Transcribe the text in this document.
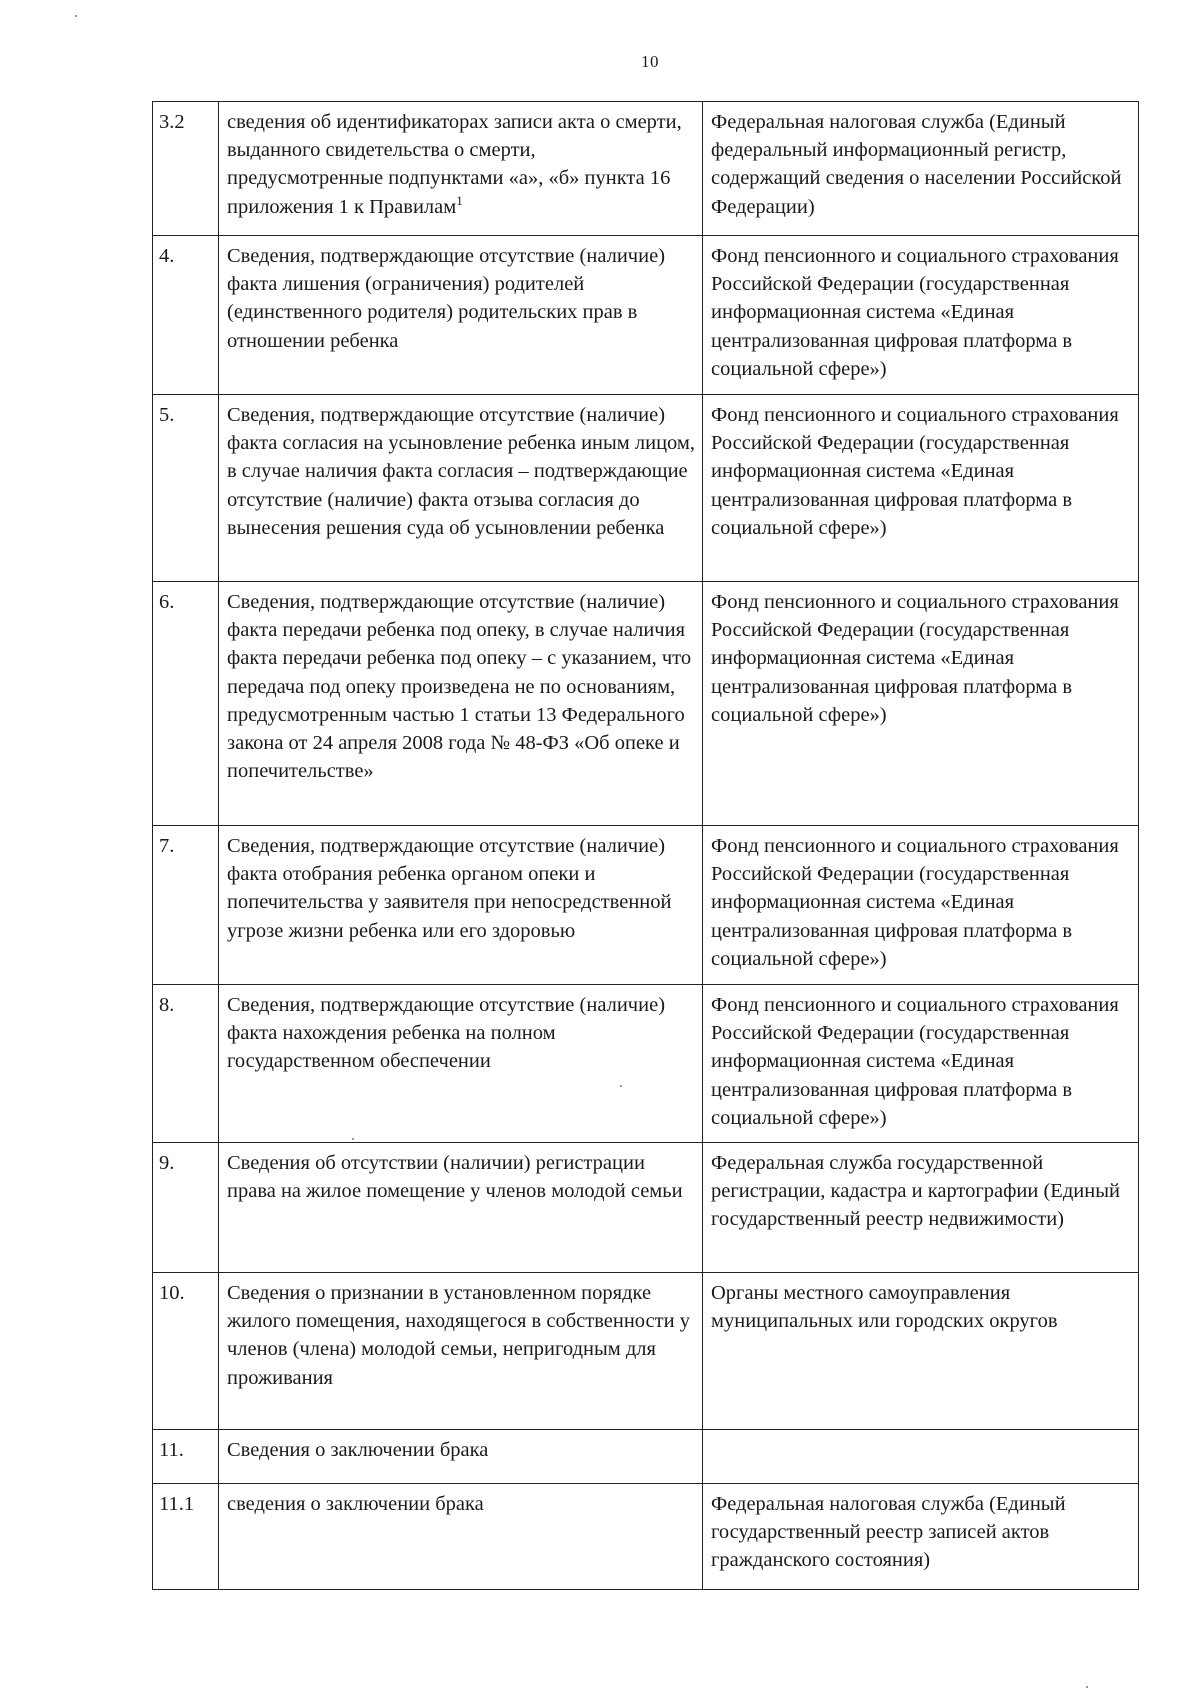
10
3.2	сведения об идентификаторах записи акта о смерти, выданного свидетельства о смерти, предусмотренные подпунктами «а», «б» пункта 16 приложения 1 к Правилам$^1$	Федеральная налоговая служба (Единый федеральный информационный регистр, содержащий сведения о населении Российской Федерации)
4.	Сведения, подтверждающие отсутствие (наличие) факта лишения (ограничения) родителей (единственного родителя) родительских прав в отношении ребенка	Фонд пенсионного и социального страхования Российской Федерации (государственная информационная система «Единая централизованная цифровая платформа в социальной сфере»)
5.	Сведения, подтверждающие отсутствие (наличие) факта согласия на усыновление ребенка иным лицом, в случае наличия факта согласия – подтверждающие отсутствие (наличие) факта отзыва согласия до вынесения решения суда об усыновлении ребенка	Фонд пенсионного и социального страхования Российской Федерации (государственная информационная система «Единая централизованная цифровая платформа в социальной сфере»)
6.	Сведения, подтверждающие отсутствие (наличие) факта передачи ребенка под опеку, в случае наличия факта передачи ребенка под опеку – с указанием, что передача под опеку произведена не по основаниям, предусмотренным частью 1 статьи 13 Федерального закона от 24 апреля 2008 года № 48-ФЗ «Об опеке и попечительстве»	Фонд пенсионного и социального страхования Российской Федерации (государственная информационная система «Единая централизованная цифровая платформа в социальной сфере»)
7.	Сведения, подтверждающие отсутствие (наличие) факта отобрания ребенка органом опеки и попечительства у заявителя при непосредственной угрозе жизни ребенка или его здоровью	Фонд пенсионного и социального страхования Российской Федерации (государственная информационная система «Единая централизованная цифровая платформа в социальной сфере»)
8.	Сведения, подтверждающие отсутствие (наличие) факта нахождения ребенка на полном государственном обеспечении	Фонд пенсионного и социального страхования Российской Федерации (государственная информационная система «Единая централизованная цифровая платформа в социальной сфере»)
9.	Сведения об отсутствии (наличии) регистрации права на жилое помещение у членов молодой семьи	Федеральная служба государственной регистрации, кадастра и картографии (Единый государственный реестр недвижимости)
10.	Сведения о признании в установленном порядке жилого помещения, находящегося в собственности у членов (члена) молодой семьи, непригодным для проживания	Органы местного самоуправления муниципальных или городских округов
11.	Сведения о заключении брака	
11.1	сведения о заключении брака	Федеральная налоговая служба (Единый государственный реестр записей актов гражданского состояния)
